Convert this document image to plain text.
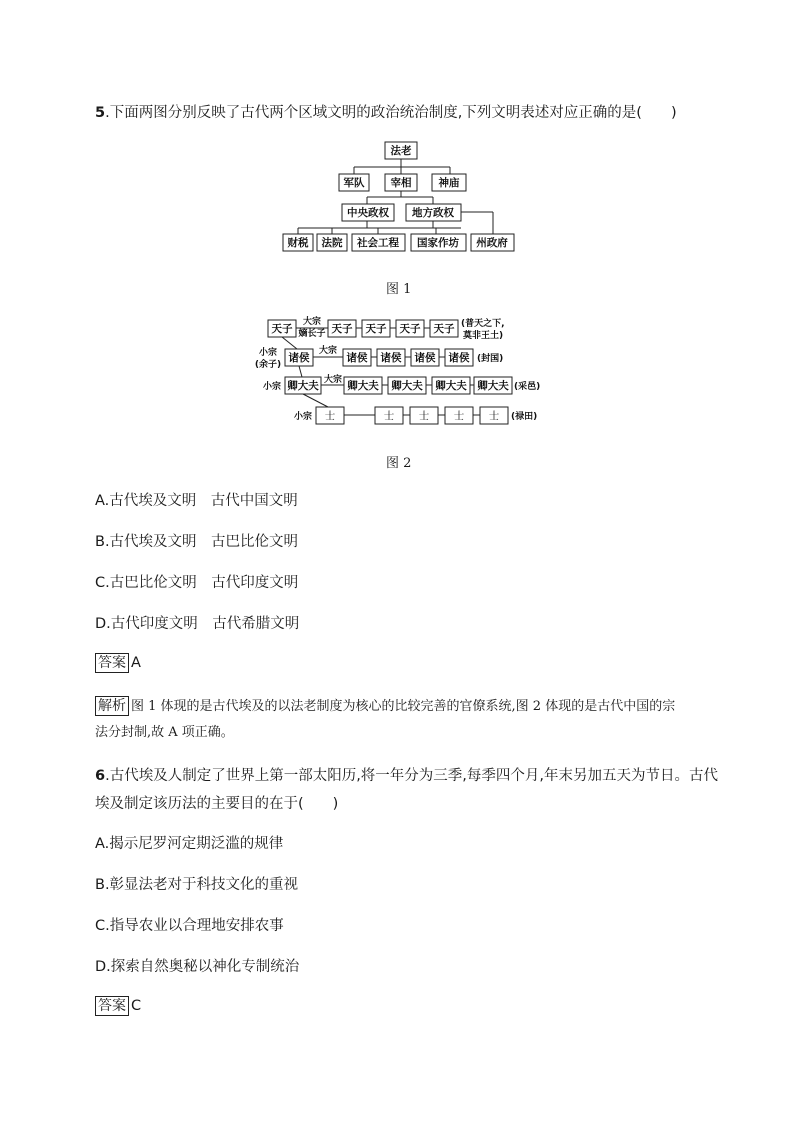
5.下面两图分别反映了古代两个区域文明的政治统治制度,下列文明表述对应正确的是(　　)
法老
军队 宰相	神庙
中央政权 地方政权
财税 法院 社会工程 国家作坊 州政府
图 1
天子	天子 天子 天子 天子
诸侯	诸侯 诸侯 诸侯 诸侯
卿大夫	卿大夫 卿大夫 卿大夫 卿大夫
士	士 士 士 士
大宗
嫡长子
大宗
大宗
小宗
(余子)
小宗
小宗
(普天之下,
莫非王土)
(封国)
(采邑)
(禄田)
图 2
A.古代埃及文明　古代中国文明
B.古代埃及文明　古巴比伦文明
C.古巴比伦文明　古代印度文明
D.古代印度文明　古代希腊文明
答案 A
解析 图 1 体现的是古代埃及的以法老制度为核心的比较完善的官僚系统,图 2 体现的是古代中国的宗
法分封制,故 A 项正确。
6.古代埃及人制定了世界上第一部太阳历,将一年分为三季,每季四个月,年末另加五天为节日。古代
埃及制定该历法的主要目的在于(　　)
A.揭示尼罗河定期泛滥的规律
B.彰显法老对于科技文化的重视
C.指导农业以合理地安排农事
D.探索自然奥秘以神化专制统治
答案 C
